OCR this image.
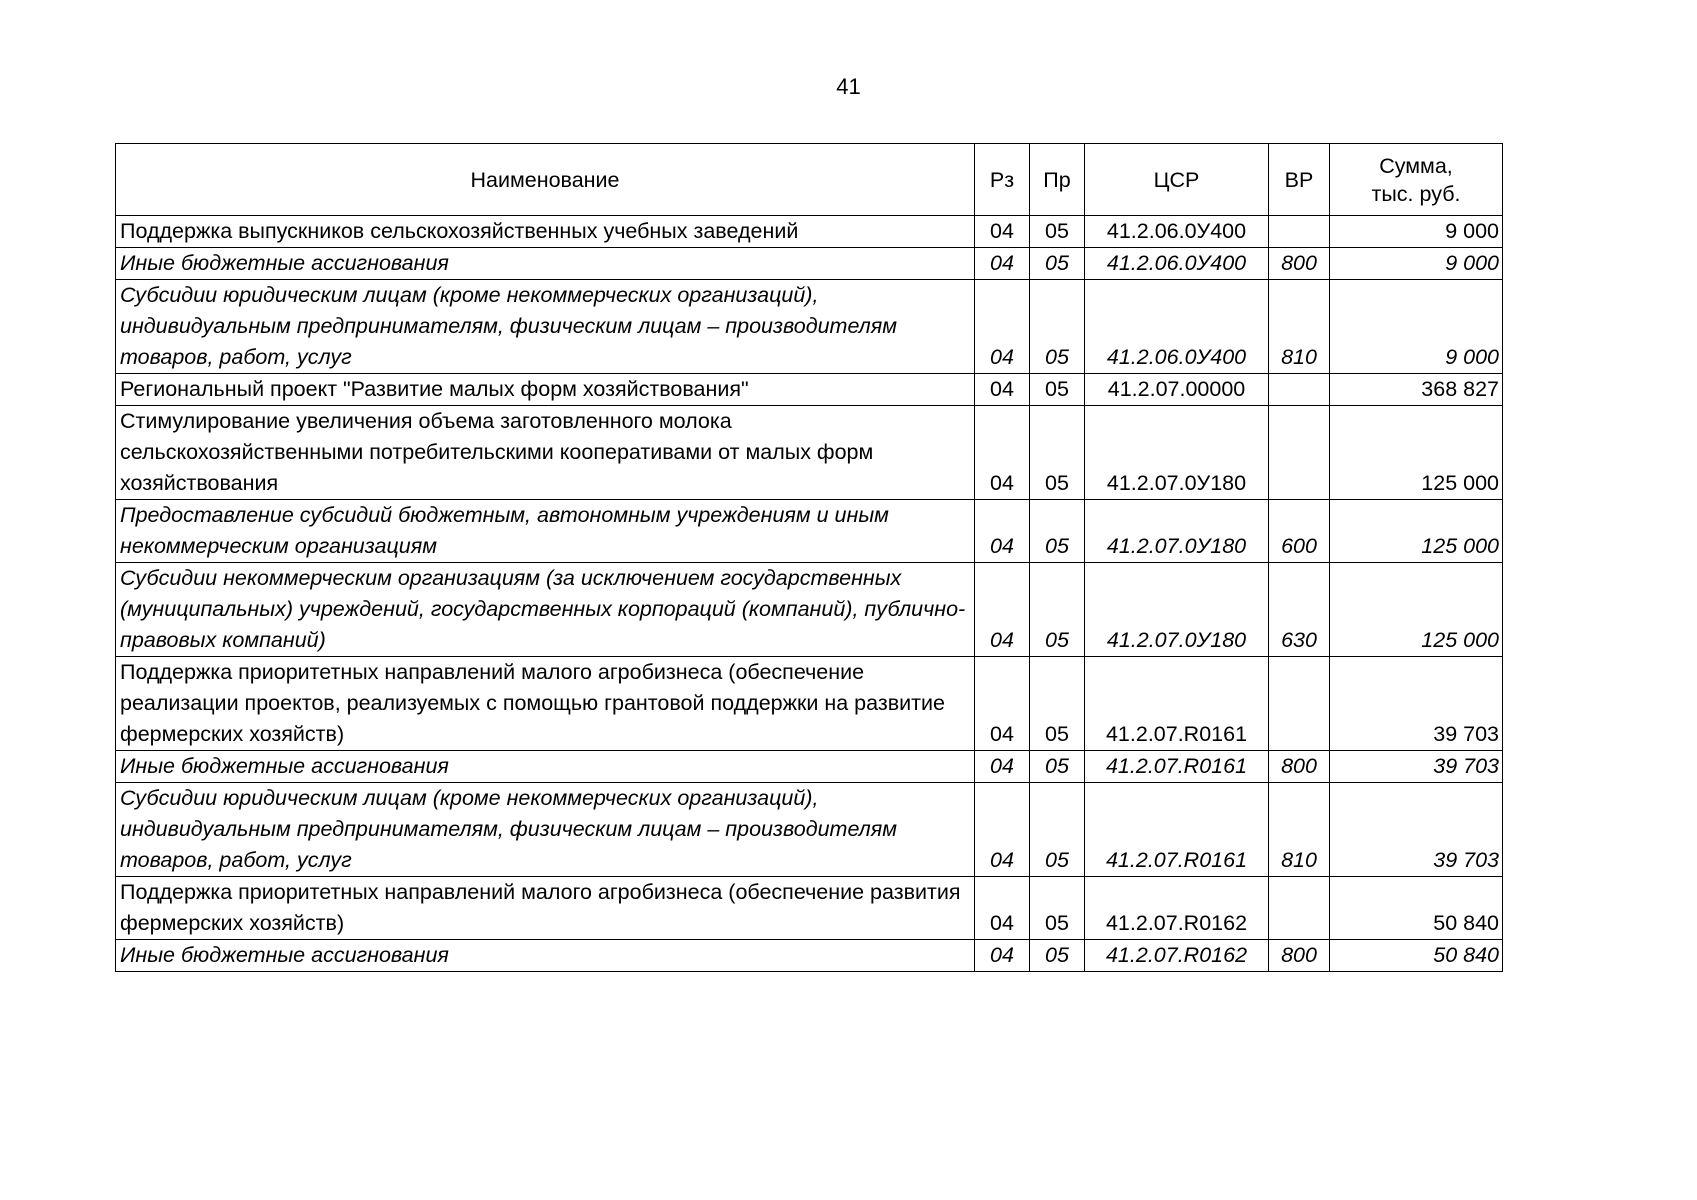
41
Наименование	Рз	Пр	ЦСР	ВР	Сумма,
тыс. руб.
Поддержка выпускников сельскохозяйственных учебных заведений	04	05	41.2.06.0У400		9 000
Иные бюджетные ассигнования	04	05	41.2.06.0У400	800	9 000
Субсидии юридическим лицам (кроме некоммерческих организаций), индивидуальным предпринимателям, физическим лицам – производителям товаров, работ, услуг	04	05	41.2.06.0У400	810	9 000
Региональный проект "Развитие малых форм хозяйствования"	04	05	41.2.07.00000		368 827
Стимулирование увеличения объема заготовленного молока сельскохозяйственными потребительскими кооперативами от малых форм хозяйствования	04	05	41.2.07.0У180		125 000
Предоставление субсидий бюджетным, автономным учреждениям и иным некоммерческим организациям	04	05	41.2.07.0У180	600	125 000
Субсидии некоммерческим организациям (за исключением государственных (муниципальных) учреждений, государственных корпораций (компаний), публично-правовых компаний)	04	05	41.2.07.0У180	630	125 000
Поддержка приоритетных направлений малого агробизнеса (обеспечение реализации проектов, реализуемых с помощью грантовой поддержки на развитие фермерских хозяйств)	04	05	41.2.07.R0161		39 703
Иные бюджетные ассигнования	04	05	41.2.07.R0161	800	39 703
Субсидии юридическим лицам (кроме некоммерческих организаций), индивидуальным предпринимателям, физическим лицам – производителям товаров, работ, услуг	04	05	41.2.07.R0161	810	39 703
Поддержка приоритетных направлений малого агробизнеса (обеспечение развития фермерских хозяйств)	04	05	41.2.07.R0162		50 840
Иные бюджетные ассигнования	04	05	41.2.07.R0162	800	50 840
